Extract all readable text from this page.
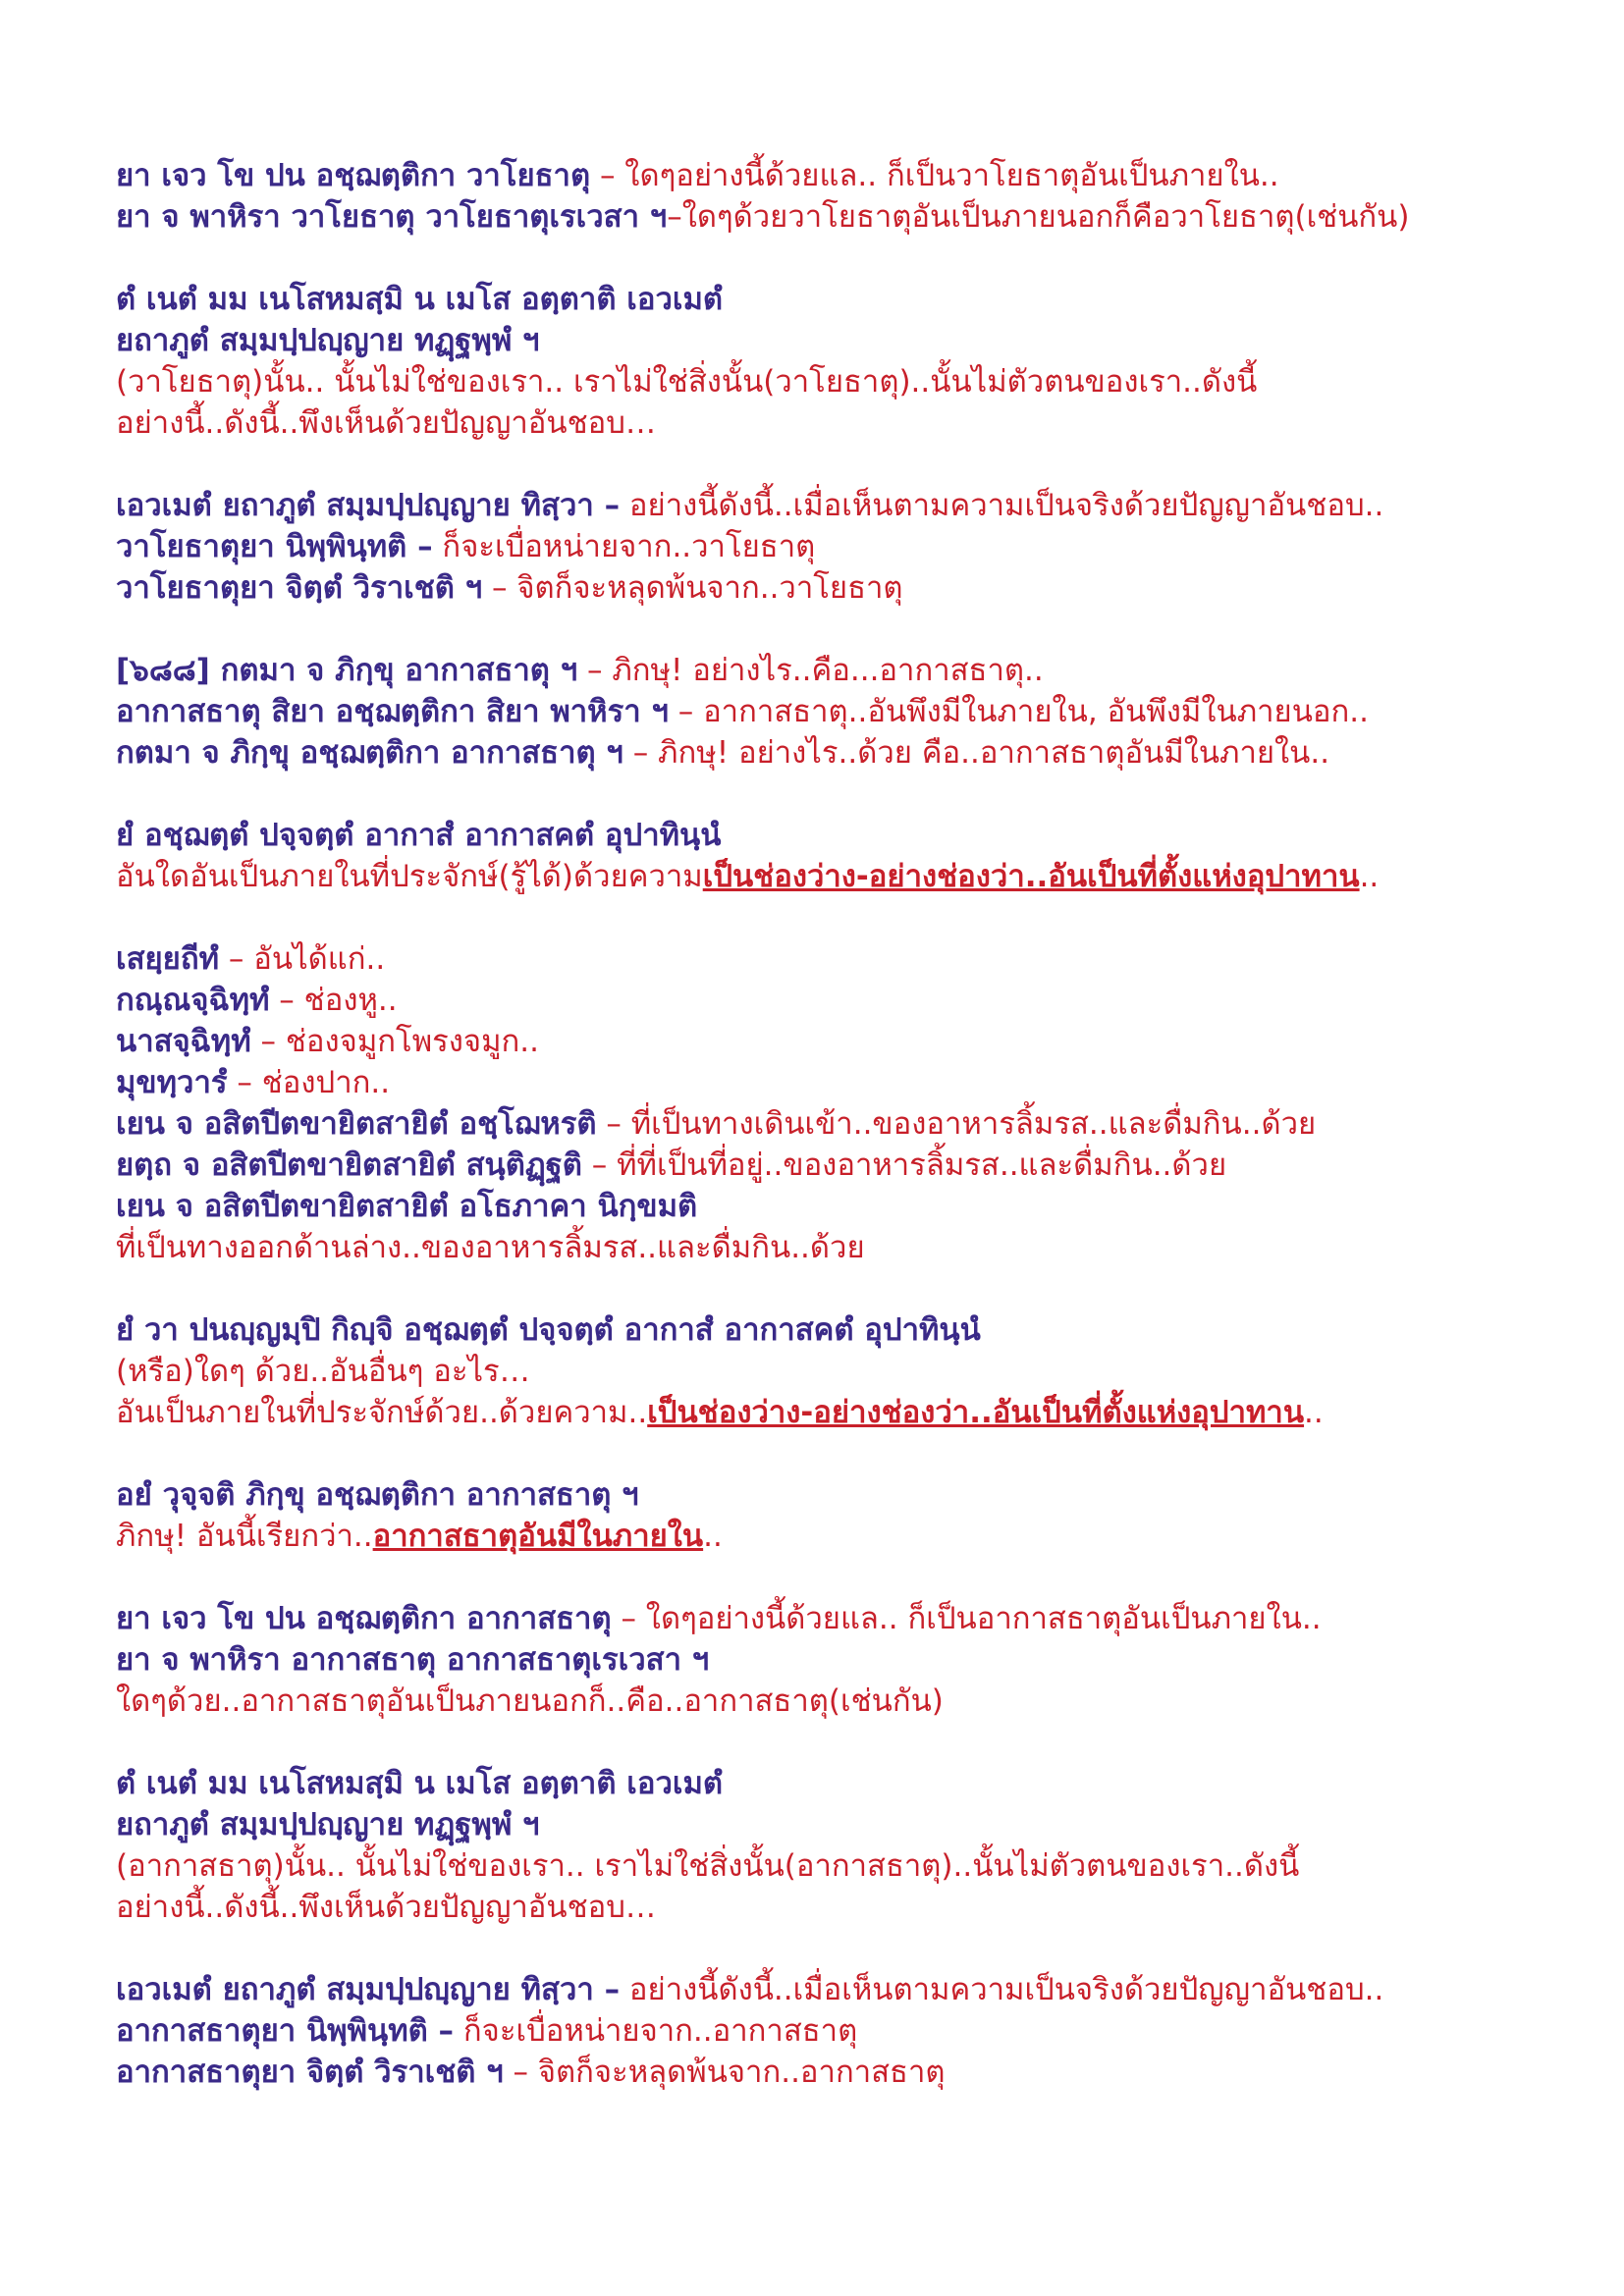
ยา เจว โข ปน อชฺฌตฺติกา วาโยธาตุ – ใดๆอย่างนี้ด้วยแล.. ก็เป็นวาโยธาตุอันเป็นภายใน..
ยา จ พาหิรา วาโยธาตุ วาโยธาตุเรเวสา ฯ–ใดๆด้วยวาโยธาตุอันเป็นภายนอกก็คือวาโยธาตุ(เช่นกัน)
ตํ เนตํ มม เนโสหมสฺมิ น เมโส อตฺตาติ เอวเมตํ
ยถาภูตํ สมฺมปฺปญฺญาย ทฏฺฐพฺพํ ฯ
(วาโยธาตุ)นั้น.. นั้นไม่ใช่ของเรา.. เราไม่ใช่สิ่งนั้น(วาโยธาตุ)..นั้นไม่ตัวตนของเรา..ดังนี้
อย่างนี้..ดังนี้..พึงเห็นด้วยปัญญาอันชอบ…
เอวเมตํ ยถาภูตํ สมฺมปฺปญฺญาย ทิสฺวา – อย่างนี้ดังนี้..เมื่อเห็นตามความเป็นจริงด้วยปัญญาอันชอบ..
วาโยธาตุยา นิพฺพินฺทติ – ก็จะเบื่อหน่ายจาก..วาโยธาตุ
วาโยธาตุยา จิตฺตํ วิราเชติ ฯ – จิตก็จะหลุดพ้นจาก..วาโยธาตุ
[๖๘๘] กตมา จ ภิกฺขุ อากาสธาตุ ฯ – ภิกษุ! อย่างไร..คือ...อากาสธาตุ..
อากาสธาตุ สิยา อชฺฌตฺติกา สิยา พาหิรา ฯ – อากาสธาตุ..อันพึงมีในภายใน, อันพึงมีในภายนอก..
กตมา จ ภิกฺขุ อชฺฌตฺติกา อากาสธาตุ ฯ – ภิกษุ! อย่างไร..ด้วย คือ..อากาสธาตุอันมีในภายใน..
ยํ อชฺฌตฺตํ ปจฺจตฺตํ อากาสํ อากาสคตํ อุปาทินฺนํ
อันใดอันเป็นภายในที่ประจักษ์(รู้ได้)ด้วยความเป็นช่องว่าง-อย่างช่องว่า..อันเป็นที่ตั้งแห่งอุปาทาน..
เสยฺยถีทํ – อันได้แก่..
กณฺณจฺฉิทฺทํ – ช่องหู..
นาสจฺฉิทฺทํ – ช่องจมูกโพรงจมูก..
มุขทฺวารํ – ช่องปาก..
เยน จ อสิตปีตขายิตสายิตํ อชฺโฌหรติ – ที่เป็นทางเดินเข้า..ของอาหารลิ้มรส..และดื่มกิน..ด้วย
ยตฺถ จ อสิตปีตขายิตสายิตํ สนฺติฏฺฐติ – ที่ที่เป็นที่อยู่..ของอาหารลิ้มรส..และดื่มกิน..ด้วย
เยน จ อสิตปีตขายิตสายิตํ อโธภาคา นิกฺขมติ
ที่เป็นทางออกด้านล่าง..ของอาหารลิ้มรส..และดื่มกิน..ด้วย
ยํ วา ปนญฺญมฺปิ กิญฺจิ อชฺฌตฺตํ ปจฺจตฺตํ อากาสํ อากาสคตํ อุปาทินฺนํ
(หรือ)ใดๆ ด้วย..อันอื่นๆ อะไร…
อันเป็นภายในที่ประจักษ์ด้วย..ด้วยความ..เป็นช่องว่าง-อย่างช่องว่า..อันเป็นที่ตั้งแห่งอุปาทาน..
อยํ วุจฺจติ ภิกฺขุ อชฺฌตฺติกา อากาสธาตุ ฯ
ภิกษุ! อันนี้เรียกว่า..อากาสธาตุอันมีในภายใน..
ยา เจว โข ปน อชฺฌตฺติกา อากาสธาตุ – ใดๆอย่างนี้ด้วยแล.. ก็เป็นอากาสธาตุอันเป็นภายใน..
ยา จ พาหิรา อากาสธาตุ อากาสธาตุเรเวสา ฯ
ใดๆด้วย..อากาสธาตุอันเป็นภายนอกก็..คือ..อากาสธาตุ(เช่นกัน)
ตํ เนตํ มม เนโสหมสฺมิ น เมโส อตฺตาติ เอวเมตํ
ยถาภูตํ สมฺมปฺปญฺญาย ทฏฺฐพฺพํ ฯ
(อากาสธาตุ)นั้น.. นั้นไม่ใช่ของเรา.. เราไม่ใช่สิ่งนั้น(อากาสธาตุ)..นั้นไม่ตัวตนของเรา..ดังนี้
อย่างนี้..ดังนี้..พึงเห็นด้วยปัญญาอันชอบ…
เอวเมตํ ยถาภูตํ สมฺมปฺปญฺญาย ทิสฺวา – อย่างนี้ดังนี้..เมื่อเห็นตามความเป็นจริงด้วยปัญญาอันชอบ..
อากาสธาตุยา นิพฺพินฺทติ – ก็จะเบื่อหน่ายจาก..อากาสธาตุ
อากาสธาตุยา จิตฺตํ วิราเชติ ฯ – จิตก็จะหลุดพ้นจาก..อากาสธาตุ
